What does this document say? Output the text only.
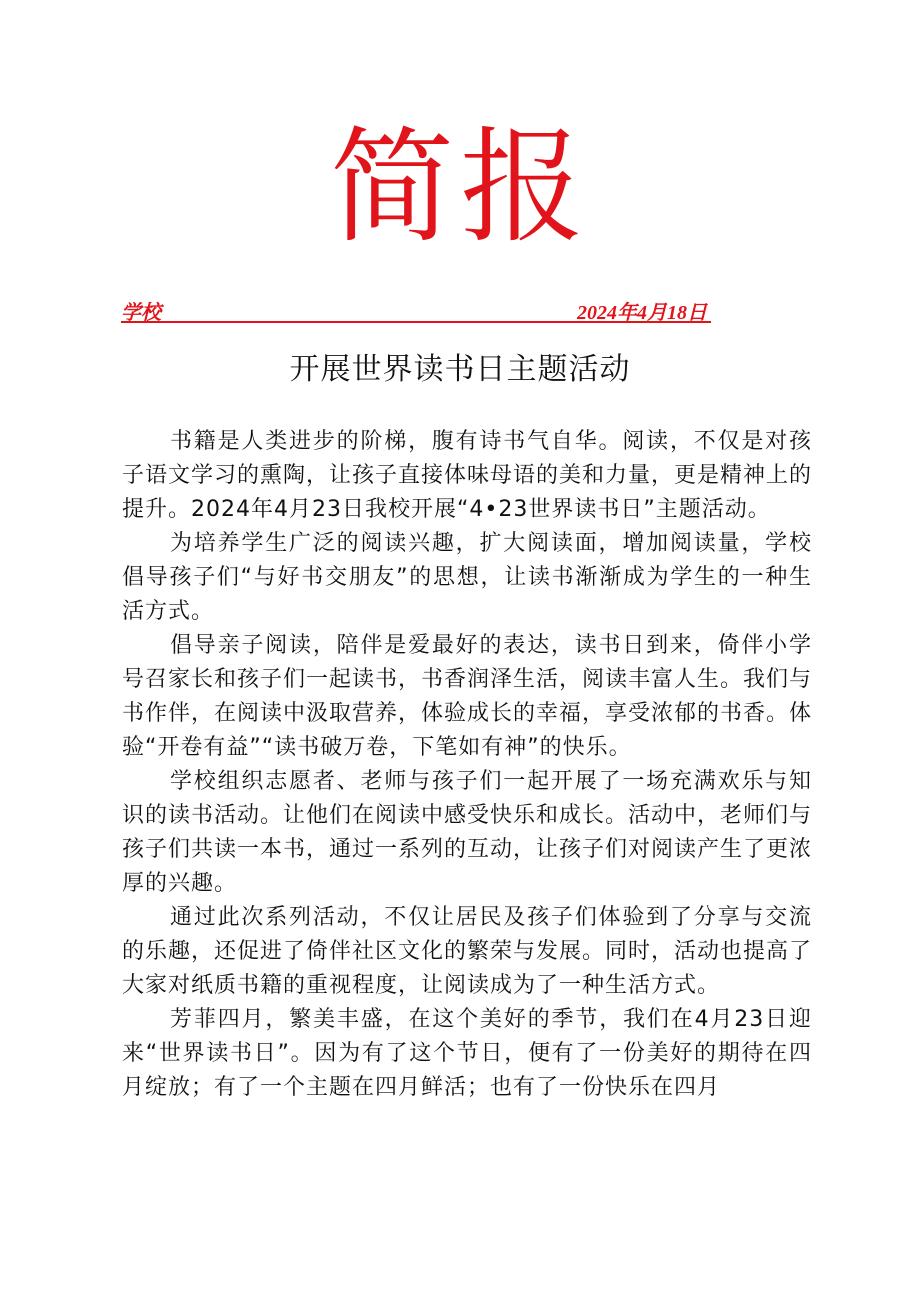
简报
学校	2024年4月18日
开展世界读书日主题活动

书籍是人类进步的阶梯，腹有诗书气自华。阅读，不仅是对孩子语文学习的熏陶，让孩子直接体味母语的美和力量，更是精神上的提升。2024年4月23日我校开展“4•23世界读书日”主题活动。

为培养学生广泛的阅读兴趣，扩大阅读面，增加阅读量，学校倡导孩子们“与好书交朋友”的思想，让读书渐渐成为学生的一种生活方式。

倡导亲子阅读，陪伴是爱最好的表达，读书日到来，倚伴小学号召家长和孩子们一起读书，书香润泽生活，阅读丰富人生。我们与书作伴，在阅读中汲取营养，体验成长的幸福，享受浓郁的书香。体验“开卷有益”“读书破万卷，下笔如有神”的快乐。

学校组织志愿者、老师与孩子们一起开展了一场充满欢乐与知识的读书活动。让他们在阅读中感受快乐和成长。活动中，老师们与孩子们共读一本书，通过一系列的互动，让孩子们对阅读产生了更浓厚的兴趣。

通过此次系列活动，不仅让居民及孩子们体验到了分享与交流的乐趣，还促进了倚伴社区文化的繁荣与发展。同时，活动也提高了大家对纸质书籍的重视程度，让阅读成为了一种生活方式。

芳菲四月，繁美丰盛，在这个美好的季节，我们在4月23日迎来“世界读书日”。因为有了这个节日，便有了一份美好的期待在四月绽放；有了一个主题在四月鲜活；也有了一份快乐在四月
